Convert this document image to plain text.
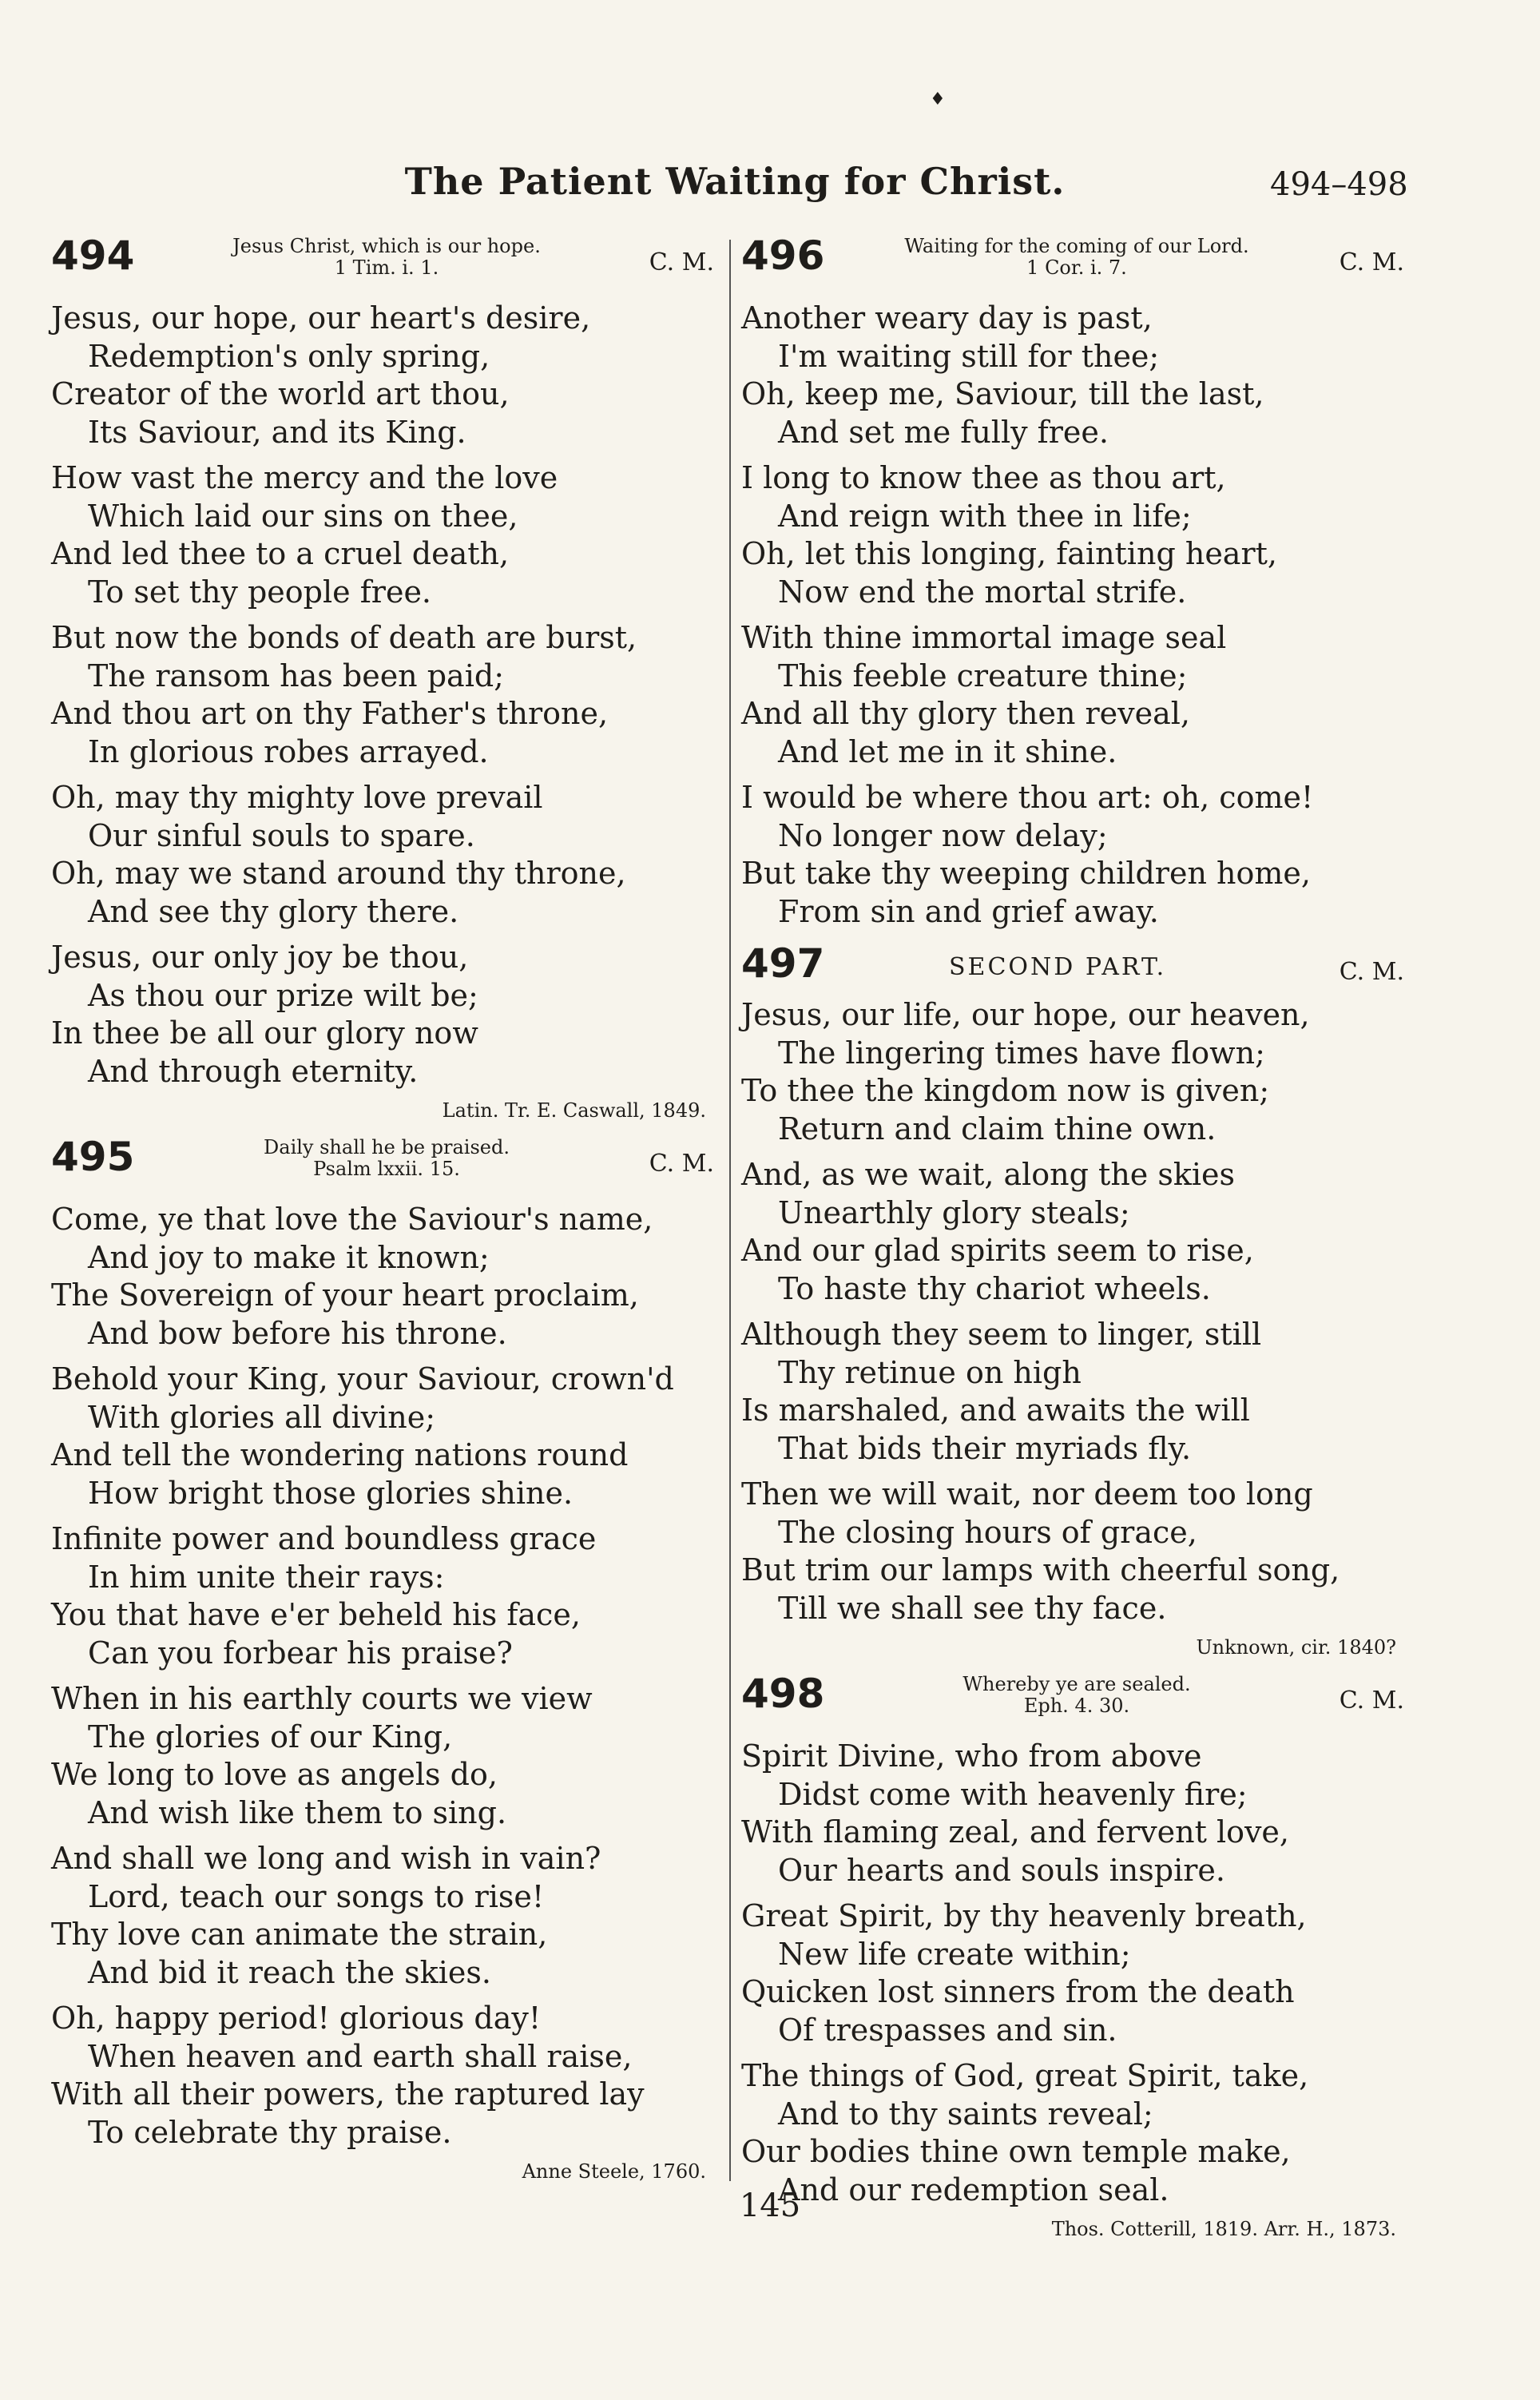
♦
The Patient Waiting for Christ.	494–498
494	Jesus Christ, which is our hope.
1 Tim. i. 1.	C. M.
Jesus, our hope, our heart's desire,
Redemption's only spring,
Creator of the world art thou,
Its Saviour, and its King.
How vast the mercy and the love
Which laid our sins on thee,
And led thee to a cruel death,
To set thy people free.
But now the bonds of death are burst,
The ransom has been paid;
And thou art on thy Father's throne,
In glorious robes arrayed.
Oh, may thy mighty love prevail
Our sinful souls to spare.
Oh, may we stand around thy throne,
And see thy glory there.
Jesus, our only joy be thou,
As thou our prize wilt be;
In thee be all our glory now
And through eternity.
Latin. Tr. E. Caswall, 1849.
495	Daily shall he be praised.
Psalm lxxii. 15.	C. M.
Come, ye that love the Saviour's name,
And joy to make it known;
The Sovereign of your heart proclaim,
And bow before his throne.
Behold your King, your Saviour, crown'd
With glories all divine;
And tell the wondering nations round
How bright those glories shine.
Infinite power and boundless grace
In him unite their rays:
You that have e'er beheld his face,
Can you forbear his praise?
When in his earthly courts we view
The glories of our King,
We long to love as angels do,
And wish like them to sing.
And shall we long and wish in vain?
Lord, teach our songs to rise!
Thy love can animate the strain,
And bid it reach the skies.
Oh, happy period! glorious day!
When heaven and earth shall raise,
With all their powers, the raptured lay
To celebrate thy praise.
Anne Steele, 1760.
496	Waiting for the coming of our Lord.
1 Cor. i. 7.	C. M.
Another weary day is past,
I'm waiting still for thee;
Oh, keep me, Saviour, till the last,
And set me fully free.
I long to know thee as thou art,
And reign with thee in life;
Oh, let this longing, fainting heart,
Now end the mortal strife.
With thine immortal image seal
This feeble creature thine;
And all thy glory then reveal,
And let me in it shine.
I would be where thou art: oh, come!
No longer now delay;
But take thy weeping children home,
From sin and grief away.
497	SECOND PART.	C. M.
Jesus, our life, our hope, our heaven,
The lingering times have flown;
To thee the kingdom now is given;
Return and claim thine own.
And, as we wait, along the skies
Unearthly glory steals;
And our glad spirits seem to rise,
To haste thy chariot wheels.
Although they seem to linger, still
Thy retinue on high
Is marshaled, and awaits the will
That bids their myriads fly.
Then we will wait, nor deem too long
The closing hours of grace,
But trim our lamps with cheerful song,
Till we shall see thy face.
Unknown, cir. 1840?
498	Whereby ye are sealed.
Eph. 4. 30.	C. M.
Spirit Divine, who from above
Didst come with heavenly fire;
With flaming zeal, and fervent love,
Our hearts and souls inspire.
Great Spirit, by thy heavenly breath,
New life create within;
Quicken lost sinners from the death
Of trespasses and sin.
The things of God, great Spirit, take,
And to thy saints reveal;
Our bodies thine own temple make,
And our redemption seal.
Thos. Cotterill, 1819. Arr. H., 1873.
145
